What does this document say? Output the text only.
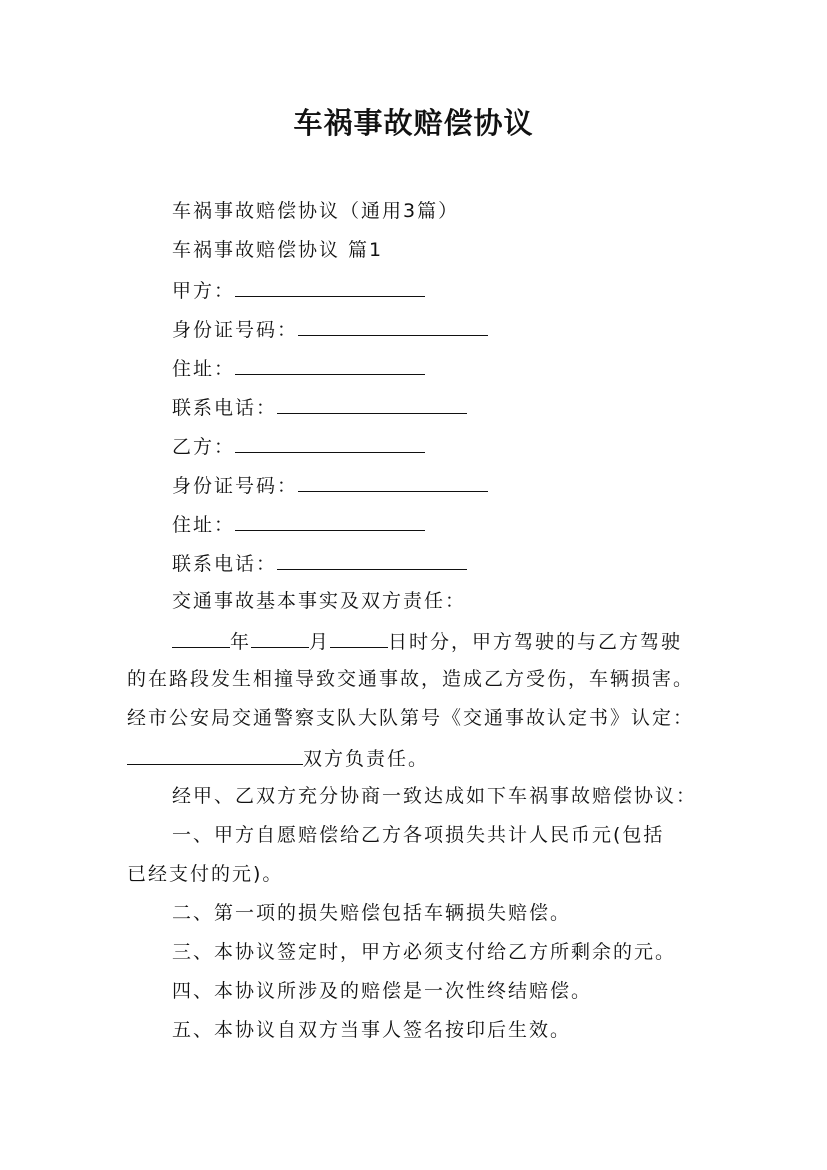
车祸事故赔偿协议
车祸事故赔偿协议（通用3篇）
车祸事故赔偿协议 篇1
甲方：
身份证号码：
住址：
联系电话：
乙方：
身份证号码：
住址：
联系电话：
交通事故基本事实及双方责任：
年	月	日时分，甲方驾驶的与乙方驾驶
的在路段发生相撞导致交通事故，造成乙方受伤，车辆损害。
经市公安局交通警察支队大队第号《交通事故认定书》认定：
双方负责任。
经甲、乙双方充分协商一致达成如下车祸事故赔偿协议：
一、甲方自愿赔偿给乙方各项损失共计人民币元(包括
已经支付的元)。
二、第一项的损失赔偿包括车辆损失赔偿。
三、本协议签定时，甲方必须支付给乙方所剩余的元。
四、本协议所涉及的赔偿是一次性终结赔偿。
五、本协议自双方当事人签名按印后生效。
